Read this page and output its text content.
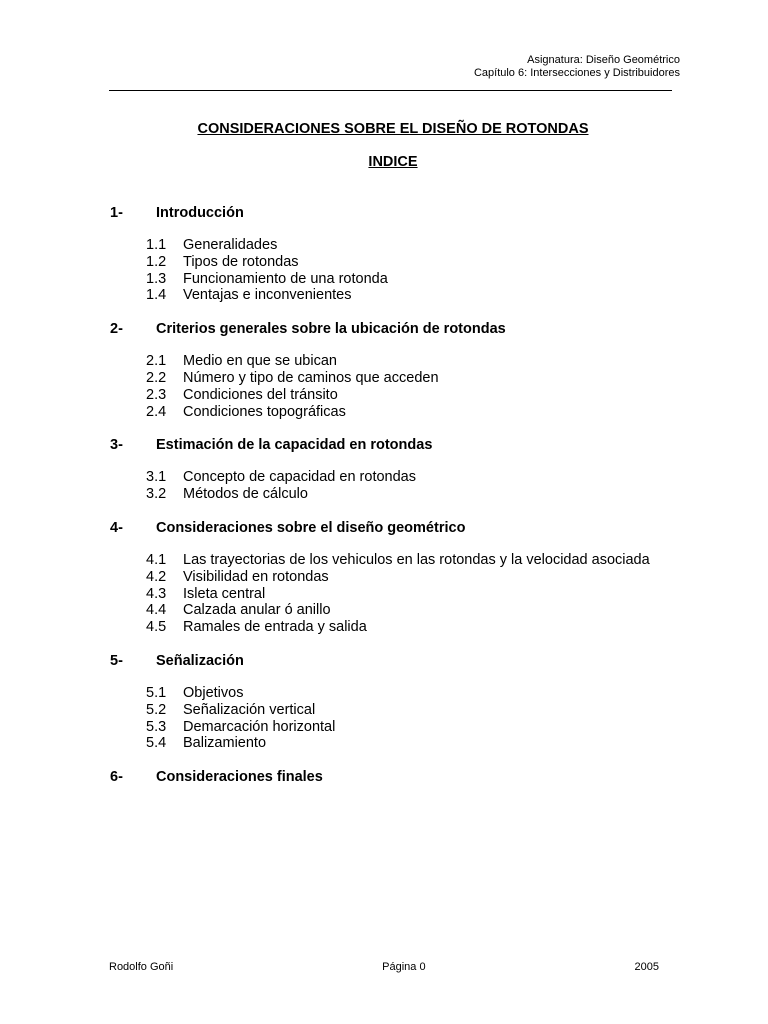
Asignatura: Diseño Geométrico
Capítulo 6: Intersecciones y Distribuidores
CONSIDERACIONES SOBRE EL DISEÑO DE ROTONDAS
INDICE
1-	Introducción
1.1	Generalidades
1.2	Tipos de rotondas
1.3	Funcionamiento de una rotonda
1.4	Ventajas e inconvenientes
2-	Criterios generales sobre la ubicación de rotondas
2.1	Medio en que se ubican
2.2	Número y tipo de caminos que acceden
2.3	Condiciones del tránsito
2.4	Condiciones topográficas
3-	Estimación de la capacidad en rotondas
3.1	Concepto de capacidad en rotondas
3.2	Métodos de cálculo
4-	Consideraciones sobre el diseño geométrico
4.1	Las trayectorias de los vehiculos en las rotondas y la velocidad asociada
4.2	Visibilidad en rotondas
4.3	Isleta central
4.4	Calzada anular ó anillo
4.5	Ramales de entrada y salida
5-	Señalización
5.1	Objetivos
5.2	Señalización vertical
5.3	Demarcación horizontal
5.4	Balizamiento
6-	Consideraciones finales
Rodolfo Goñi	Página 0	2005
